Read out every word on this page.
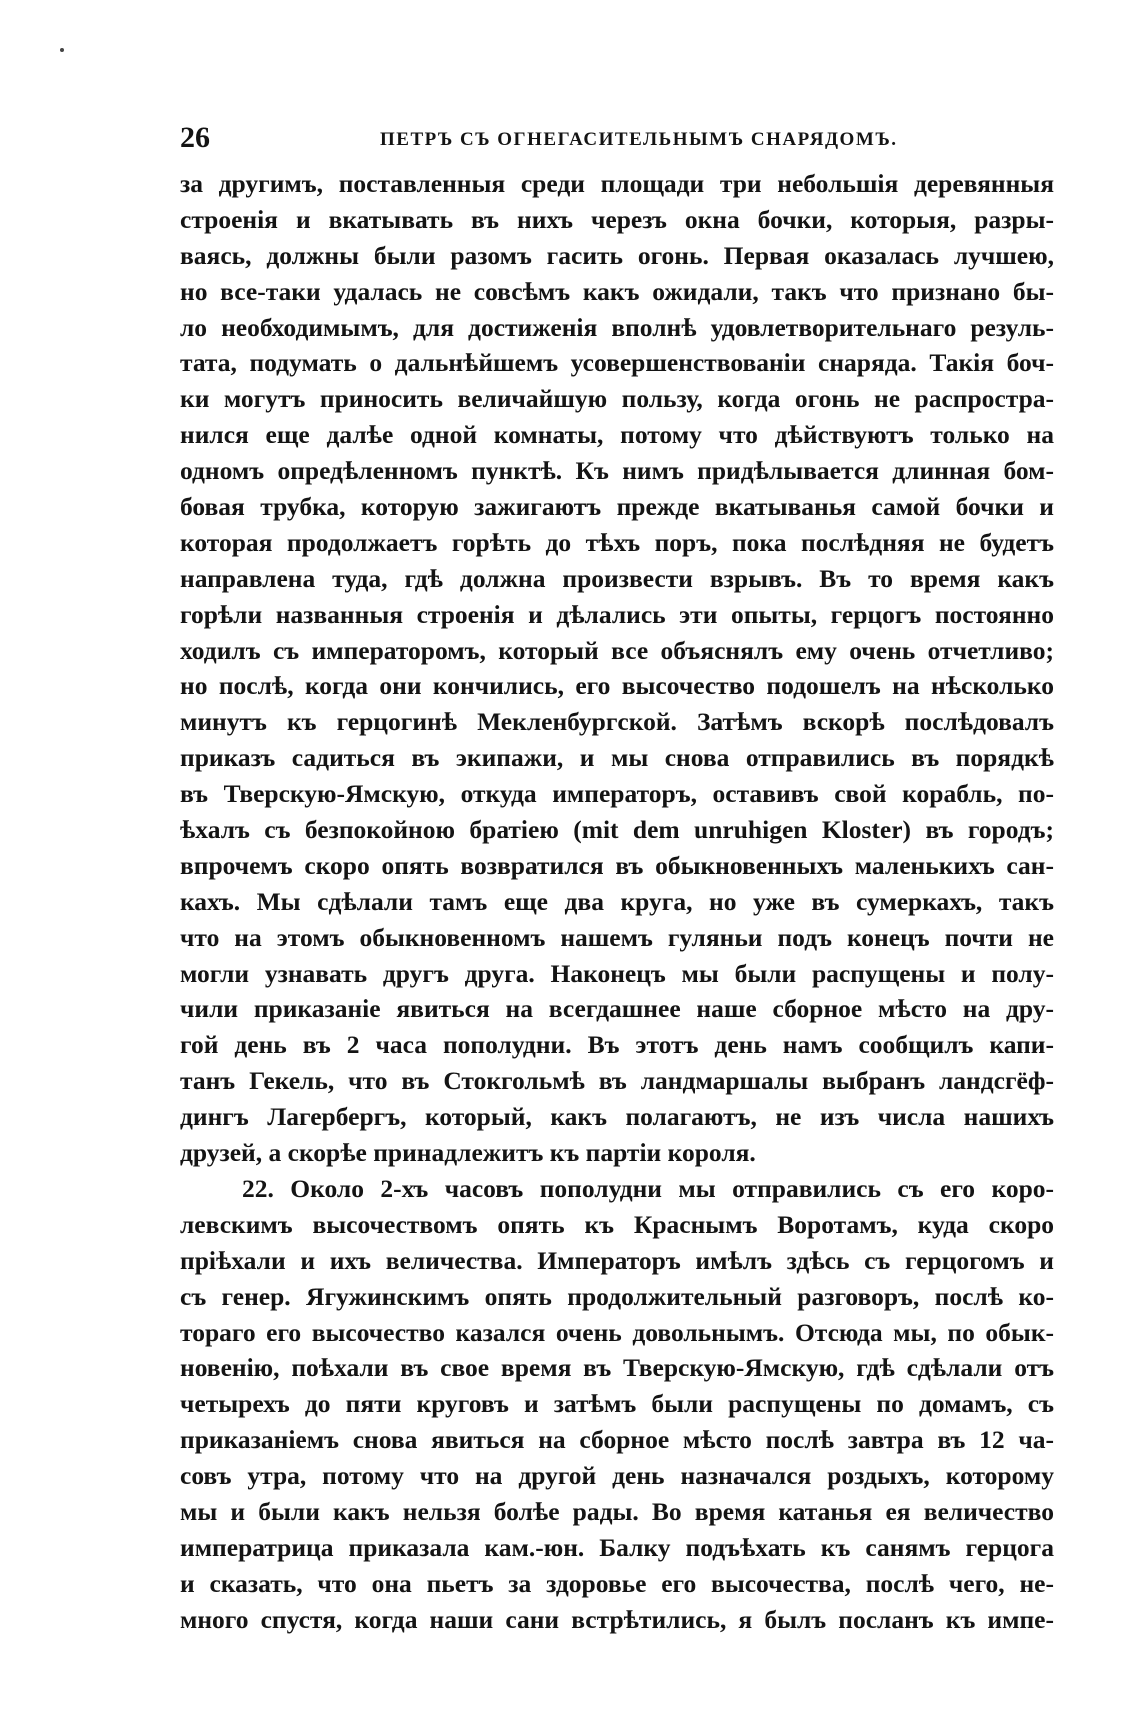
26	ПЕТРЪ СЪ ОГНЕГАСИТЕЛЬНЫМЪ СНАРЯДОМЪ.
за другимъ, поставленныя среди площади три небольшія деревянныя
строенія и вкатывать въ нихъ черезъ окна бочки, которыя, разры-
ваясь, должны были разомъ гасить огонь. Первая оказалась лучшею,
но все-таки удалась не совсѣмъ какъ ожидали, такъ что признано бы-
ло необходимымъ, для достиженія вполнѣ удовлетворительнаго резуль-
тата, подумать о дальнѣйшемъ усовершенствованіи снаряда. Такія боч-
ки могутъ приносить величайшую пользу, когда огонь не распростра-
нился еще далѣе одной комнаты, потому что дѣйствуютъ только на
одномъ опредѣленномъ пунктѣ. Къ нимъ придѣлывается длинная бом-
бовая трубка, которую зажигаютъ прежде вкатыванья самой бочки и
которая продолжаетъ горѣть до тѣхъ поръ, пока послѣдняя не будетъ
направлена туда, гдѣ должна произвести взрывъ. Въ то время какъ
горѣли названныя строенія и дѣлались эти опыты, герцогъ постоянно
ходилъ съ императоромъ, который все объяснялъ ему очень отчетливо;
но послѣ, когда они кончились, его высочество подошелъ на нѣсколько
минутъ къ герцогинѣ Мекленбургской. Затѣмъ вскорѣ послѣдовалъ
приказъ садиться въ экипажи, и мы снова отправились въ порядкѣ
въ Тверскую-Ямскую, откуда императоръ, оставивъ свой корабль, по-
ѣхалъ съ безпокойною братіею (mit dem unruhigen Kloster) въ городъ;
впрочемъ скоро опять возвратился въ обыкновенныхъ маленькихъ сан-
кахъ. Мы сдѣлали тамъ еще два круга, но уже въ сумеркахъ, такъ
что на этомъ обыкновенномъ нашемъ гуляньи подъ конецъ почти не
могли узнавать другъ друга. Наконецъ мы были распущены и полу-
чили приказаніе явиться на всегдашнее наше сборное мѣсто на дру-
гой день въ 2 часа пополудни. Въ этотъ день намъ сообщилъ капи-
танъ Гекель, что въ Стокгольмѣ въ ландмаршалы выбранъ ландсгёф-
дингъ Лагербергъ, который, какъ полагаютъ, не изъ числа нашихъ
друзей, а скорѣе принадлежитъ къ партіи короля.
22. Около 2-хъ часовъ пополудни мы отправились съ его коро-
левскимъ высочествомъ опять къ Краснымъ Воротамъ, куда скоро
пріѣхали и ихъ величества. Императоръ имѣлъ здѣсь съ герцогомъ и
съ генер. Ягужинскимъ опять продолжительный разговоръ, послѣ ко-
тораго его высочество казался очень довольнымъ. Отсюда мы, по обык-
новенію, поѣхали въ свое время въ Тверскую-Ямскую, гдѣ сдѣлали отъ
четырехъ до пяти круговъ и затѣмъ были распущены по домамъ, съ
приказаніемъ снова явиться на сборное мѣсто послѣ завтра въ 12 ча-
совъ утра, потому что на другой день назначался роздыхъ, которому
мы и были какъ нельзя болѣе рады. Во время катанья ея величество
императрица приказала кам.-юн. Балку подъѣхать къ санямъ герцога
и сказать, что она пьетъ за здоровье его высочества, послѣ чего, не-
много спустя, когда наши сани встрѣтились, я былъ посланъ къ импе-
